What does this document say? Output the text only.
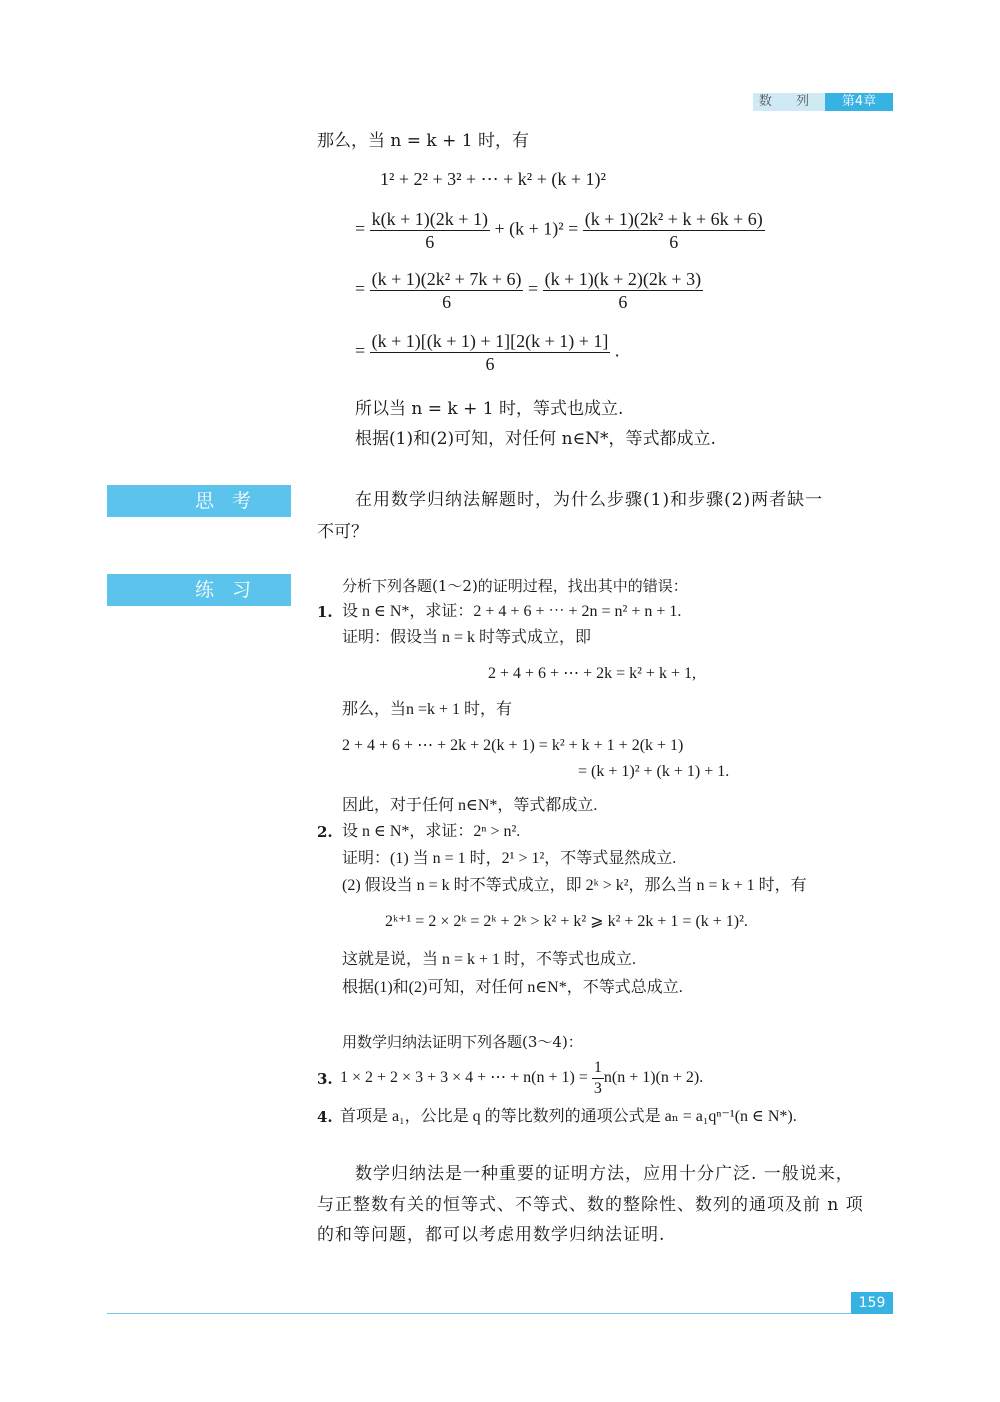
数 列	第4章
那么，当 n = k + 1 时，有
1² + 2² + 3² + ⋯ + k² + (k + 1)²
= $\frac{k(k + 1)(2k + 1)}{6} + (k + 1)^2 = \frac{\text{(k + 1)(2k² + k + 6k + 6)}}{6}$
= $\frac{\text{(k + 1)(2k² + 7k + 6)}}{6} = \frac{(k + 1)(k + 2)(2k + 3)}{6}$
= $\frac{(k + 1)[(k + 1) + 1][2(k + 1) + 1]}{6}$ .
所以当 n = k + 1 时，等式也成立.
根据(1)和(2)可知，对任何 n∈N*，等式都成立.
思考	在用数学归纳法解题时，为什么步骤(1)和步骤(2)两者缺一
不可？
练习	分析下列各题(1～2)的证明过程，找出其中的错误：
1. 设 n ∈ N*，求证：2 + 4 + 6 + ⋯ + 2n = n² + n + 1.
证明：假设当 n = k 时等式成立，即
2 + 4 + 6 + ⋯ + 2k = k² + k + 1,
那么，当n =k + 1 时，有
2 + 4 + 6 + ⋯ + 2k + 2(k + 1) = k² + k + 1 + 2(k + 1)
= (k + 1)² + (k + 1) + 1.
因此，对于任何 n∈N*，等式都成立.
2. 设 n ∈ N*，求证：2ⁿ > n².
证明：(1) 当 n = 1 时，2¹ > 1²，不等式显然成立.
(2) 假设当 n = k 时不等式成立，即 2ᵏ > k²，那么当 n = k + 1 时，有
2ᵏ⁺¹ = 2 × 2ᵏ = 2ᵏ + 2ᵏ > k² + k² ⩾ k² + 2k + 1 = (k + 1)².
这就是说，当 n = k + 1 时，不等式也成立.
根据(1)和(2)可知，对任何 n∈N*，不等式总成立.
用数学归纳法证明下列各题(3～4)：
3. 1 × 2 + 2 × 3 + 3 × 4 + ⋯ + $n(n + 1) = \frac{1}{3} n(n + 1)(n + 2)$.
4. 首项是 a₁，公比是 q 的等比数列的通项公式是 aₙ = a₁qⁿ⁻¹(n ∈ N*).
数学归纳法是一种重要的证明方法，应用十分广泛. 一般说来，
与正整数有关的恒等式、不等式、数的整除性、数列的通项及前 n 项
的和等问题，都可以考虑用数学归纳法证明.
159
